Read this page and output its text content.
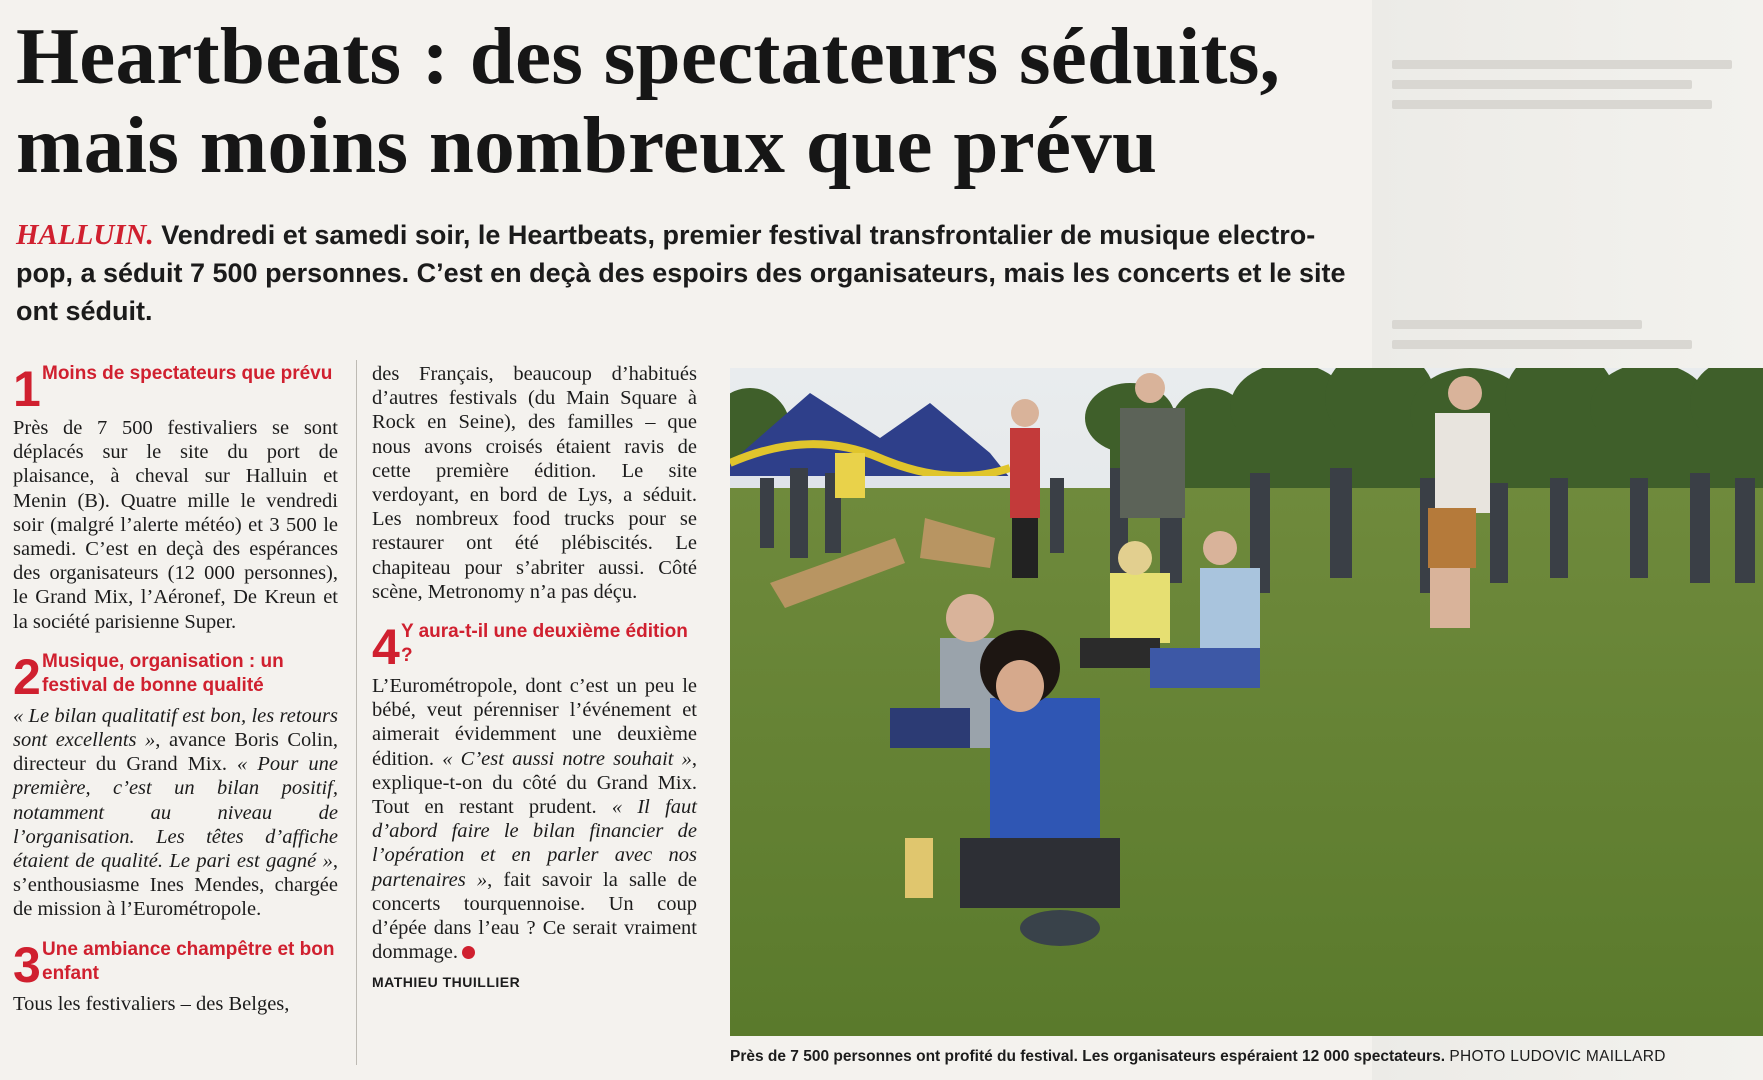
Heartbeats : des spectateurs séduits, mais moins nombreux que prévu

HALLUIN. Vendredi et samedi soir, le Heartbeats, premier festival transfrontalier de musique electro-pop, a séduit 7 500 personnes. C’est en deçà des espoirs des organisateurs, mais les concerts et le site ont séduit.

1 Moins de spectateurs que prévu

Près de 7 500 festivaliers se sont déplacés sur le site du port de plaisance, à cheval sur Halluin et Menin (B). Quatre mille le vendredi soir (malgré l’alerte météo) et 3 500 le samedi. C’est en deçà des espérances des organisateurs (12 000 personnes), le Grand Mix, l’Aéronef, De Kreun et la société parisienne Super.

2 Musique, organisation : un festival de bonne qualité

« Le bilan qualitatif est bon, les retours sont excellents », avance Boris Colin, directeur du Grand Mix. « Pour une première, c’est un bilan positif, notamment au niveau de l’organisation. Les têtes d’affiche étaient de qualité. Le pari est gagné », s’enthousiasme Ines Mendes, chargée de mission à l’Eurométropole.

3 Une ambiance champêtre et bon enfant

Tous les festivaliers – des Belges,

des Français, beaucoup d’habitués d’autres festivals (du Main Square à Rock en Seine), des familles – que nous avons croisés étaient ravis de cette première édition. Le site verdoyant, en bord de Lys, a séduit. Les nombreux food trucks pour se restaurer ont été plébiscités. Le chapiteau pour s’abriter aussi. Côté scène, Metronomy n’a pas déçu.

4 Y aura-t-il une deuxième édition ?

L’Eurométropole, dont c’est un peu le bébé, veut pérenniser l’événement et aimerait évidemment une deuxième édition. « C’est aussi notre souhait », explique-t-on du côté du Grand Mix. Tout en restant prudent. « Il faut d’abord faire le bilan financier de l’opération et en parler avec nos partenaires », fait savoir la salle de concerts tourquennoise. Un coup d’épée dans l’eau ? Ce serait vraiment dommage.

MATHIEU THUILLIER

Près de 7 500 personnes ont profité du festival. Les organisateurs espéraient 12 000 spectateurs. PHOTO LUDOVIC MAILLARD
